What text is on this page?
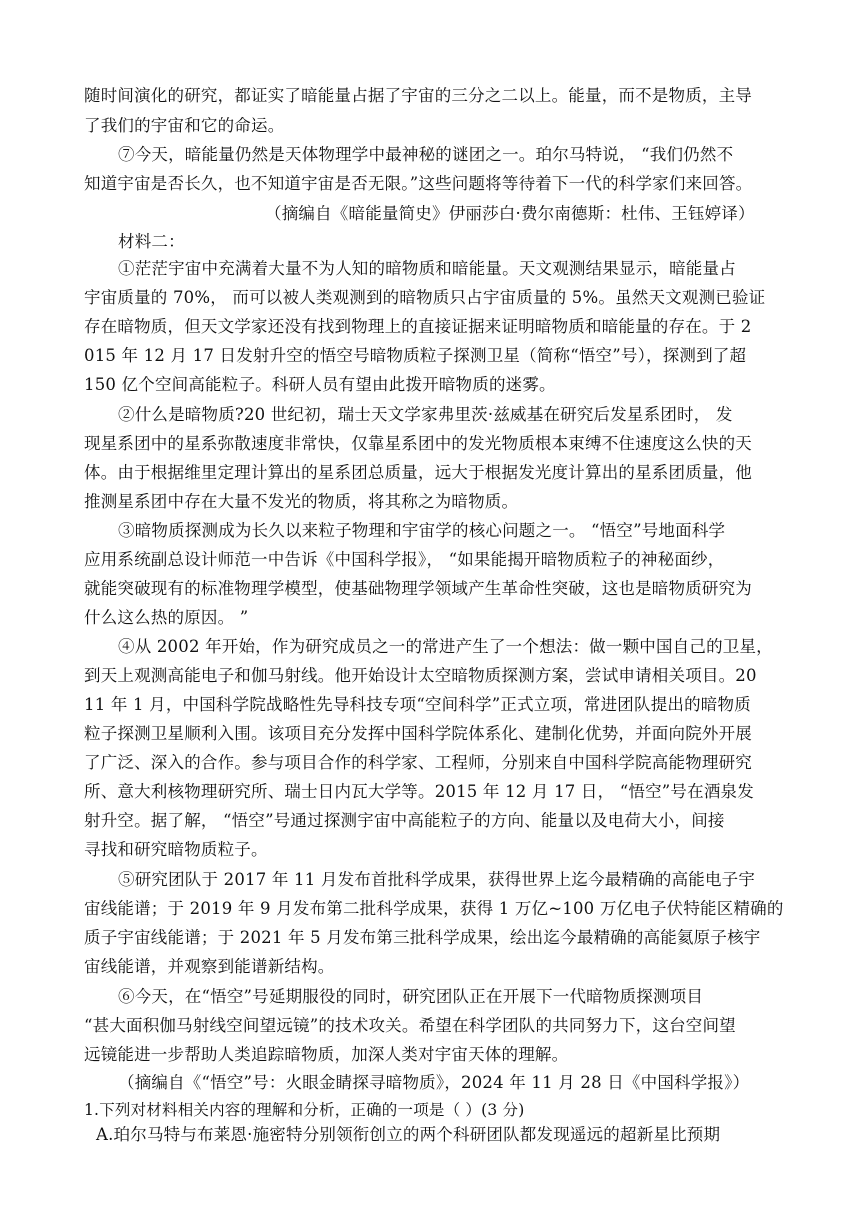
随时间演化的研究，都证实了暗能量占据了宇宙的三分之二以上。能量，而不是物质，主导
了我们的宇宙和它的命运。
⑦今天，暗能量仍然是天体物理学中最神秘的谜团之一。珀尔马特说， “我们仍然不
知道宇宙是否长久，也不知道宇宙是否无限。”这些问题将等待着下一代的科学家们来回答。
（摘编自《暗能量简史》伊丽莎白·费尔南德斯：杜伟、王钰婷译）
材料二：
①茫茫宇宙中充满着大量不为人知的暗物质和暗能量。天文观测结果显示，暗能量占
宇宙质量的 70%， 而可以被人类观测到的暗物质只占宇宙质量的 5%。虽然天文观测已验证
存在暗物质，但天文学家还没有找到物理上的直接证据来证明暗物质和暗能量的存在。于 2
015 年 12 月 17 日发射升空的悟空号暗物质粒子探测卫星（简称“悟空”号），探测到了超
150 亿个空间高能粒子。科研人员有望由此拨开暗物质的迷雾。
②什么是暗物质?20 世纪初，瑞士天文学家弗里茨·兹威基在研究后发星系团时， 发
现星系团中的星系弥散速度非常快，仅靠星系团中的发光物质根本束缚不住速度这么快的天
体。由于根据维里定理计算出的星系团总质量，远大于根据发光度计算出的星系团质量，他
推测星系团中存在大量不发光的物质，将其称之为暗物质。
③暗物质探测成为长久以来粒子物理和宇宙学的核心问题之一。 “悟空”号地面科学
应用系统副总设计师范一中告诉《中国科学报》， “如果能揭开暗物质粒子的神秘面纱，
就能突破现有的标准物理学模型，使基础物理学领域产生革命性突破，这也是暗物质研究为
什么这么热的原因。 ”
④从 2002 年开始，作为研究成员之一的常进产生了一个想法：做一颗中国自己的卫星，
到天上观测高能电子和伽马射线。他开始设计太空暗物质探测方案，尝试申请相关项目。20
11 年 1 月，中国科学院战略性先导科技专项“空间科学”正式立项，常进团队提出的暗物质
粒子探测卫星顺利入围。该项目充分发挥中国科学院体系化、建制化优势，并面向院外开展
了广泛、深入的合作。参与项目合作的科学家、工程师，分别来自中国科学院高能物理研究
所、意大利核物理研究所、瑞士日内瓦大学等。2015 年 12 月 17 日， “悟空”号在酒泉发
射升空。据了解， “悟空”号通过探测宇宙中高能粒子的方向、能量以及电荷大小，间接
寻找和研究暗物质粒子。
⑤研究团队于 2017 年 11 月发布首批科学成果，获得世界上迄今最精确的高能电子宇
宙线能谱；于 2019 年 9 月发布第二批科学成果，获得 1 万亿~100 万亿电子伏特能区精确的
质子宇宙线能谱；于 2021 年 5 月发布第三批科学成果，绘出迄今最精确的高能氦原子核宇
宙线能谱，并观察到能谱新结构。
⑥今天，在“悟空”号延期服役的同时，研究团队正在开展下一代暗物质探测项目
“甚大面积伽马射线空间望远镜”的技术攻关。希望在科学团队的共同努力下，这台空间望
远镜能进一步帮助人类追踪暗物质，加深人类对宇宙天体的理解。
（摘编自《“悟空”号：火眼金睛探寻暗物质》，2024 年 11 月 28 日《中国科学报》）
1.下列对材料相关内容的理解和分析，正确的一项是（ ）(3 分)
A.珀尔马特与布莱恩·施密特分别领衔创立的两个科研团队都发现遥远的超新星比预期
